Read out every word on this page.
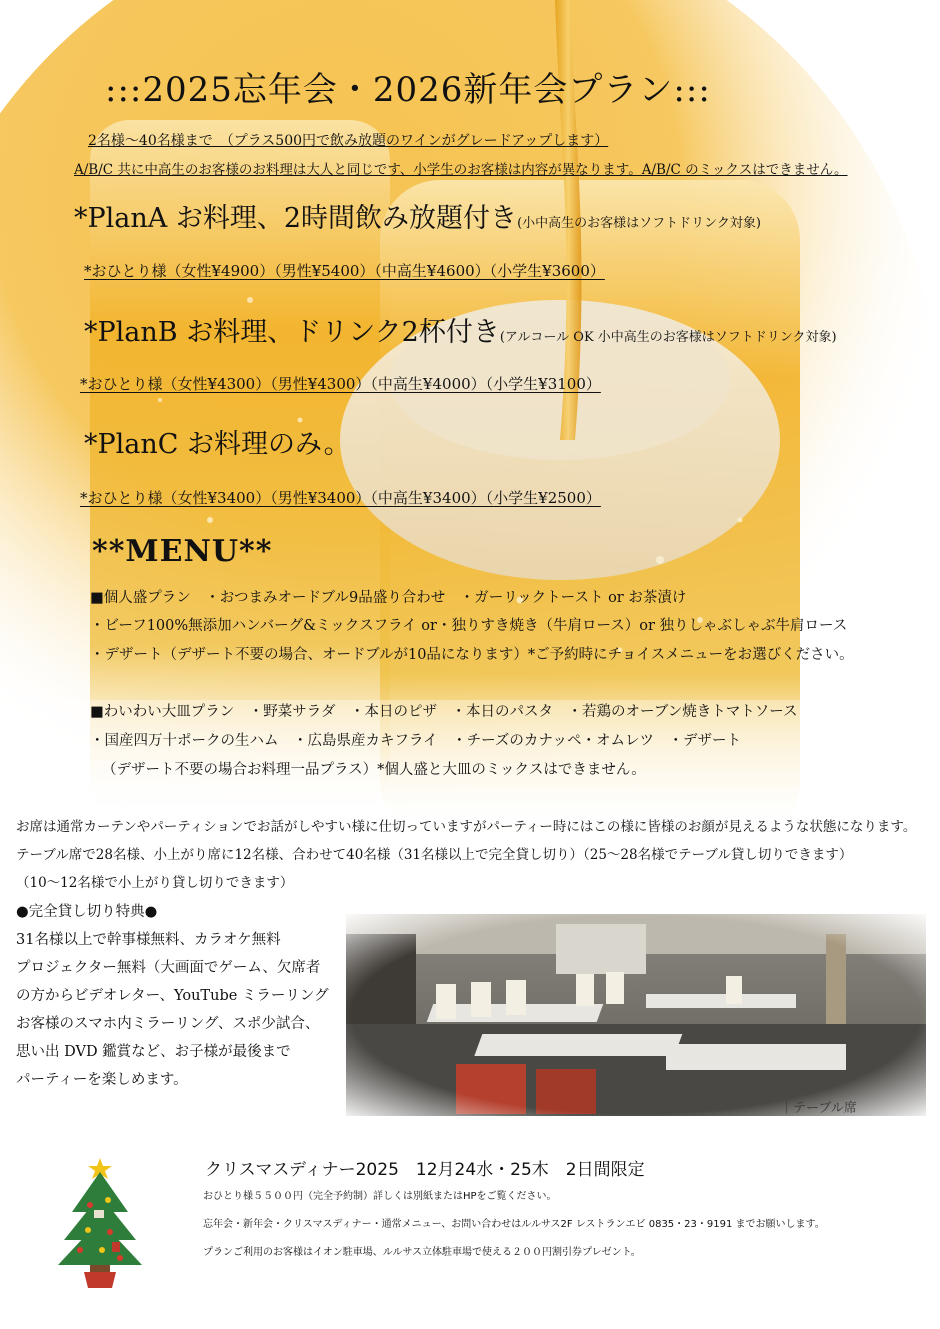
:::2025忘年会・2026新年会プラン:::
2名様～40名様まで　（プラス500円で飲み放題のワインがグレードアップします）
A/B/C 共に中高生のお客様のお料理は大人と同じです、小学生のお客様は内容が異なります。A/B/C のミックスはできません。
*PlanA お料理、2時間飲み放題付き(小中高生のお客様はソフトドリンク対象)
*おひとり様（女性¥4900）（男性¥5400）（中高生¥4600）（小学生¥3600）
*PlanB お料理、ドリンク2杯付き(アルコール OK 小中高生のお客様はソフトドリンク対象)
*おひとり様（女性¥4300）（男性¥4300）（中高生¥4000）（小学生¥3100）
*PlanC お料理のみ。
*おひとり様（女性¥3400）（男性¥3400）（中高生¥3400）（小学生¥2500）
**MENU**
■個人盛プラン　・おつまみオードブル9品盛り合わせ　・ガーリックトースト or お茶漬け
・ビーフ100%無添加ハンバーグ&ミックスフライ or・独りすき焼き（牛肩ロース）or 独りしゃぶしゃぶ牛肩ロース
・デザート（デザート不要の場合、オードブルが10品になります）*ご予約時にチョイスメニューをお選びください。
■わいわい大皿プラン　・野菜サラダ　・本日のピザ　・本日のパスタ　・若鶏のオーブン焼きトマトソース
・国産四万十ポークの生ハム　・広島県産カキフライ　・チーズのカナッペ・オムレツ　・デザート
（デザート不要の場合お料理一品プラス）*個人盛と大皿のミックスはできません。
お席は通常カーテンやパーティションでお話がしやすい様に仕切っていますがパーティー時にはこの様に皆様のお顔が見えるような状態になります。
テーブル席で28名様、小上がり席に12名様、合わせて40名様（31名様以上で完全貸し切り）（25～28名様でテーブル貸し切りできます）
（10～12名様で小上がり貸し切りできます）
●完全貸し切り特典●
31名様以上で幹事様無料、カラオケ無料
プロジェクター無料（大画面でゲーム、欠席者
の方からビデオレター、YouTube ミラーリング
お客様のスマホ内ミラーリング、スポ少試合、
思い出 DVD 鑑賞など、お子様が最後まで
パーティーを楽しめます。
｜テーブル席
クリスマスディナー2025　12月24水・25木　2日間限定
おひとり様５５００円（完全予約制）詳しくは別紙またはHPをご覧ください。
忘年会・新年会・クリスマスディナー・通常メニュー、お問い合わせはルルサス2F レストランエビ 0835・23・9191 までお願いします。
プランご利用のお客様はイオン駐車場、ルルサス立体駐車場で使える２００円割引券プレゼント。
